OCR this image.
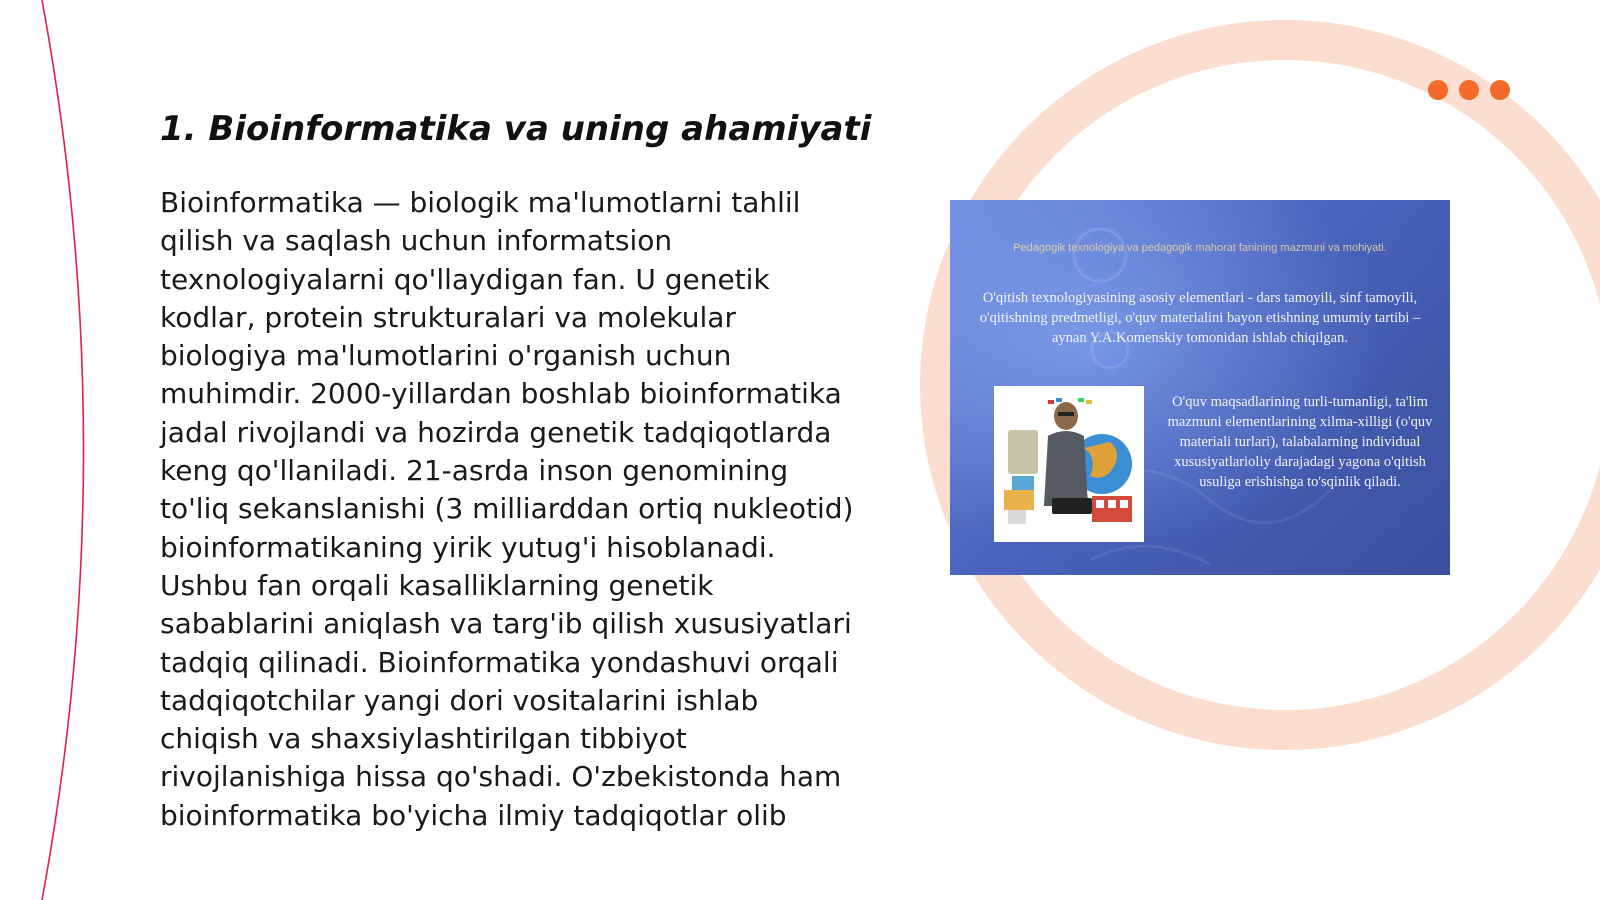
1. Bioinformatika va uning ahamiyati

Bioinformatika — biologik ma'lumotlarni tahlil qilish va saqlash uchun informatsion texnologiyalarni qo'llaydigan fan. U genetik kodlar, protein strukturalari va molekular biologiya ma'lumotlarini o'rganish uchun muhimdir. 2000-yillardan boshlab bioinformatika jadal rivojlandi va hozirda genetik tadqiqotlarda keng qo'llaniladi. 21-asrda inson genomining to'liq sekanslanishi (3 milliarddan ortiq nukleotid) bioinformatikaning yirik yutug'i hisoblanadi. Ushbu fan orqali kasalliklarning genetik sabablarini aniqlash va targ'ib qilish xususiyatlari tadqiq qilinadi. Bioinformatika yondashuvi orqali tadqiqotchilar yangi dori vositalarini ishlab chiqish va shaxsiylashtirilgan tibbiyot rivojlanishiga hissa qo'shadi. O'zbekistonda ham bioinformatika bo'yicha ilmiy tadqiqotlar olib

Pedagogik texnologiya va pedagogik mahorat fanining mazmuni va mohiyati.
O'qitish texnologiyasining asosiy elementlari - dars tamoyili, sinf tamoyili, o'qitishning predmetligi, o'quv materialini bayon etishning umumiy tartibi – aynan Y.A.Komenskiy tomonidan ishlab chiqilgan.
O'quv maqsadlarining turli-tumanligi, ta'lim mazmuni elementlarining xilma-xilligi (o'quv materiali turlari), talabalarning individual xususiyatlarioliy darajadagi yagona o'qitish usuliga erishishga to'sqinlik qiladi.
